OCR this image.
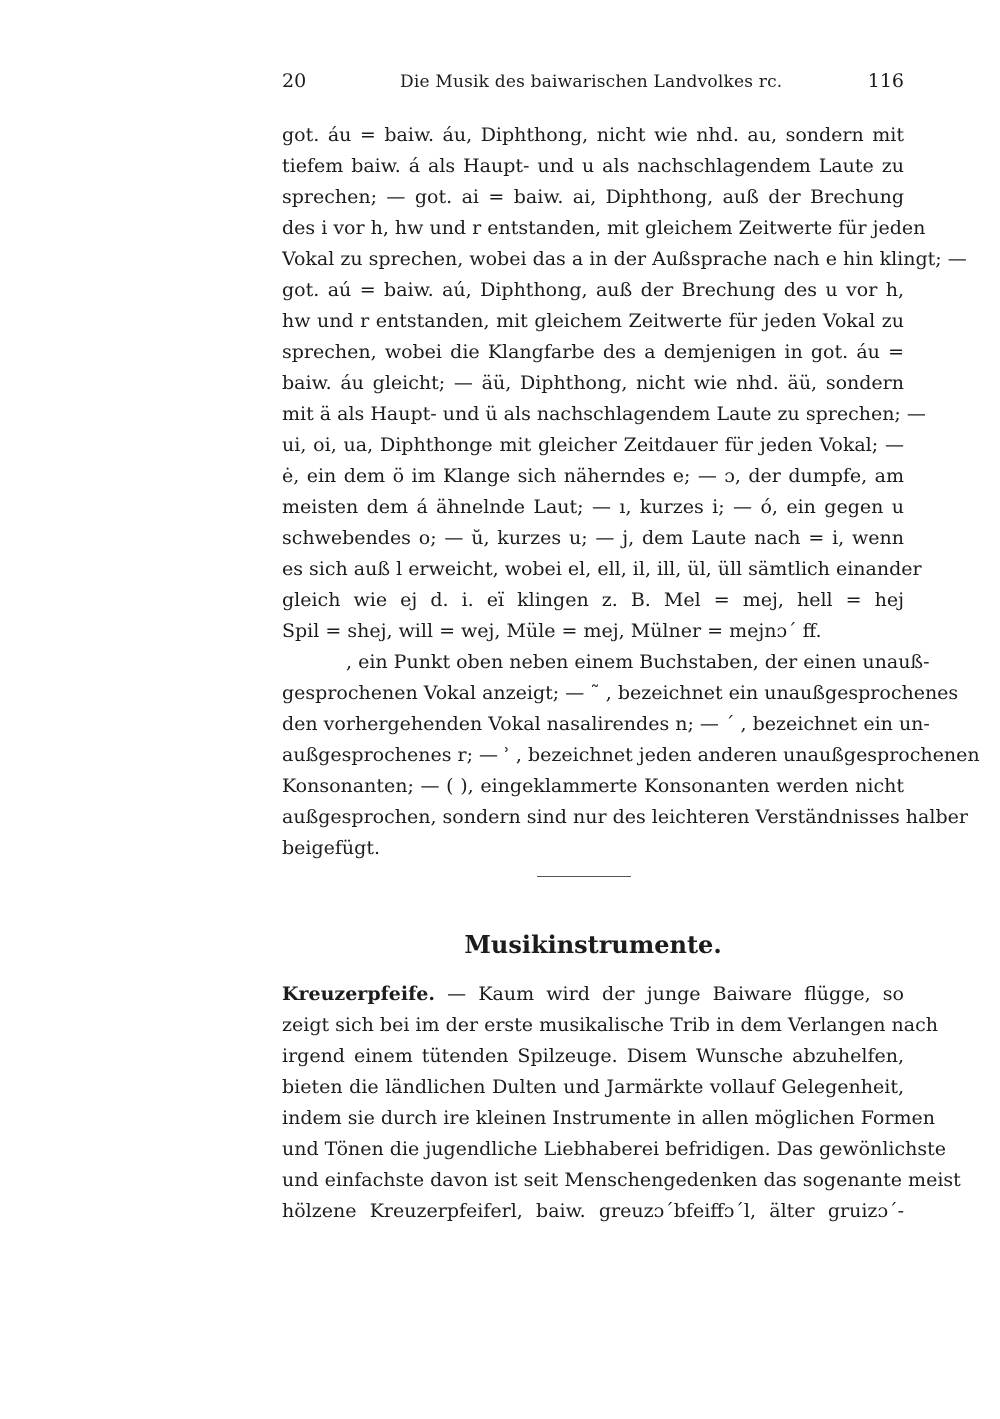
20	Die Musik des baiwarischen Landvolkes rc.	116
got. áu = baiw. áu, Diphthong, nicht wie nhd. au, sondern mit
tiefem baiw. á als Haupt- und u als nachschlagendem Laute zu
sprechen; — got. ai = baiw. ai, Diphthong, auß der Brechung
des i vor h, hw und r entstanden, mit gleichem Zeitwerte für jeden
Vokal zu sprechen, wobei das a in der Außsprache nach e hin klingt; —
got. aú = baiw. aú, Diphthong, auß der Brechung des u vor h,
hw und r entstanden, mit gleichem Zeitwerte für jeden Vokal zu
sprechen, wobei die Klangfarbe des a demjenigen in got. áu =
baiw. áu gleicht; — äü, Diphthong, nicht wie nhd. äü, sondern
mit ä als Haupt- und ü als nachschlagendem Laute zu sprechen; —
ui, oi, ua, Diphthonge mit gleicher Zeitdauer für jeden Vokal; —
ė, ein dem ö im Klange sich näherndes e; — ɔ, der dumpfe, am
meisten dem á ähnelnde Laut; — ı, kurzes i; — ó, ein gegen u
schwebendes o; — ŭ, kurzes u; — j, dem Laute nach = i, wenn
es sich auß l erweicht, wobei el, ell, il, ill, ül, üll sämtlich einander
gleich wie ej d. i. eï klingen z. B. Mel = mej, hell = hej
Spil = shej, will = wej, Müle = mej, Mülner = mejnɔ´ ff.
, ein Punkt oben neben einem Buchstaben, der einen unauß-
gesprochenen Vokal anzeigt; — ˜ , bezeichnet ein unaußgesprochenes
den vorhergehenden Vokal nasalirendes n; — ´ , bezeichnet ein un-
außgesprochenes r; — ʾ , bezeichnet jeden anderen unaußgesprochenen
Konsonanten; — ( ), eingeklammerte Konsonanten werden nicht
außgesprochen, sondern sind nur des leichteren Verständnisses halber
beigefügt.
Musikinstrumente.
Kreuzerpfeife. — Kaum wird der junge Baiware flügge, so
zeigt sich bei im der erste musikalische Trib in dem Verlangen nach
irgend einem tütenden Spilzeuge. Disem Wunsche abzuhelfen,
bieten die ländlichen Dulten und Jarmärkte vollauf Gelegenheit,
indem sie durch ire kleinen Instrumente in allen möglichen Formen
und Tönen die jugendliche Liebhaberei befridigen. Das gewönlichste
und einfachste davon ist seit Menschengedenken das sogenante meist
hölzene Kreuzerpfeiferl, baiw. greuzɔ´bfeiffɔ´l, älter gruizɔ´-
